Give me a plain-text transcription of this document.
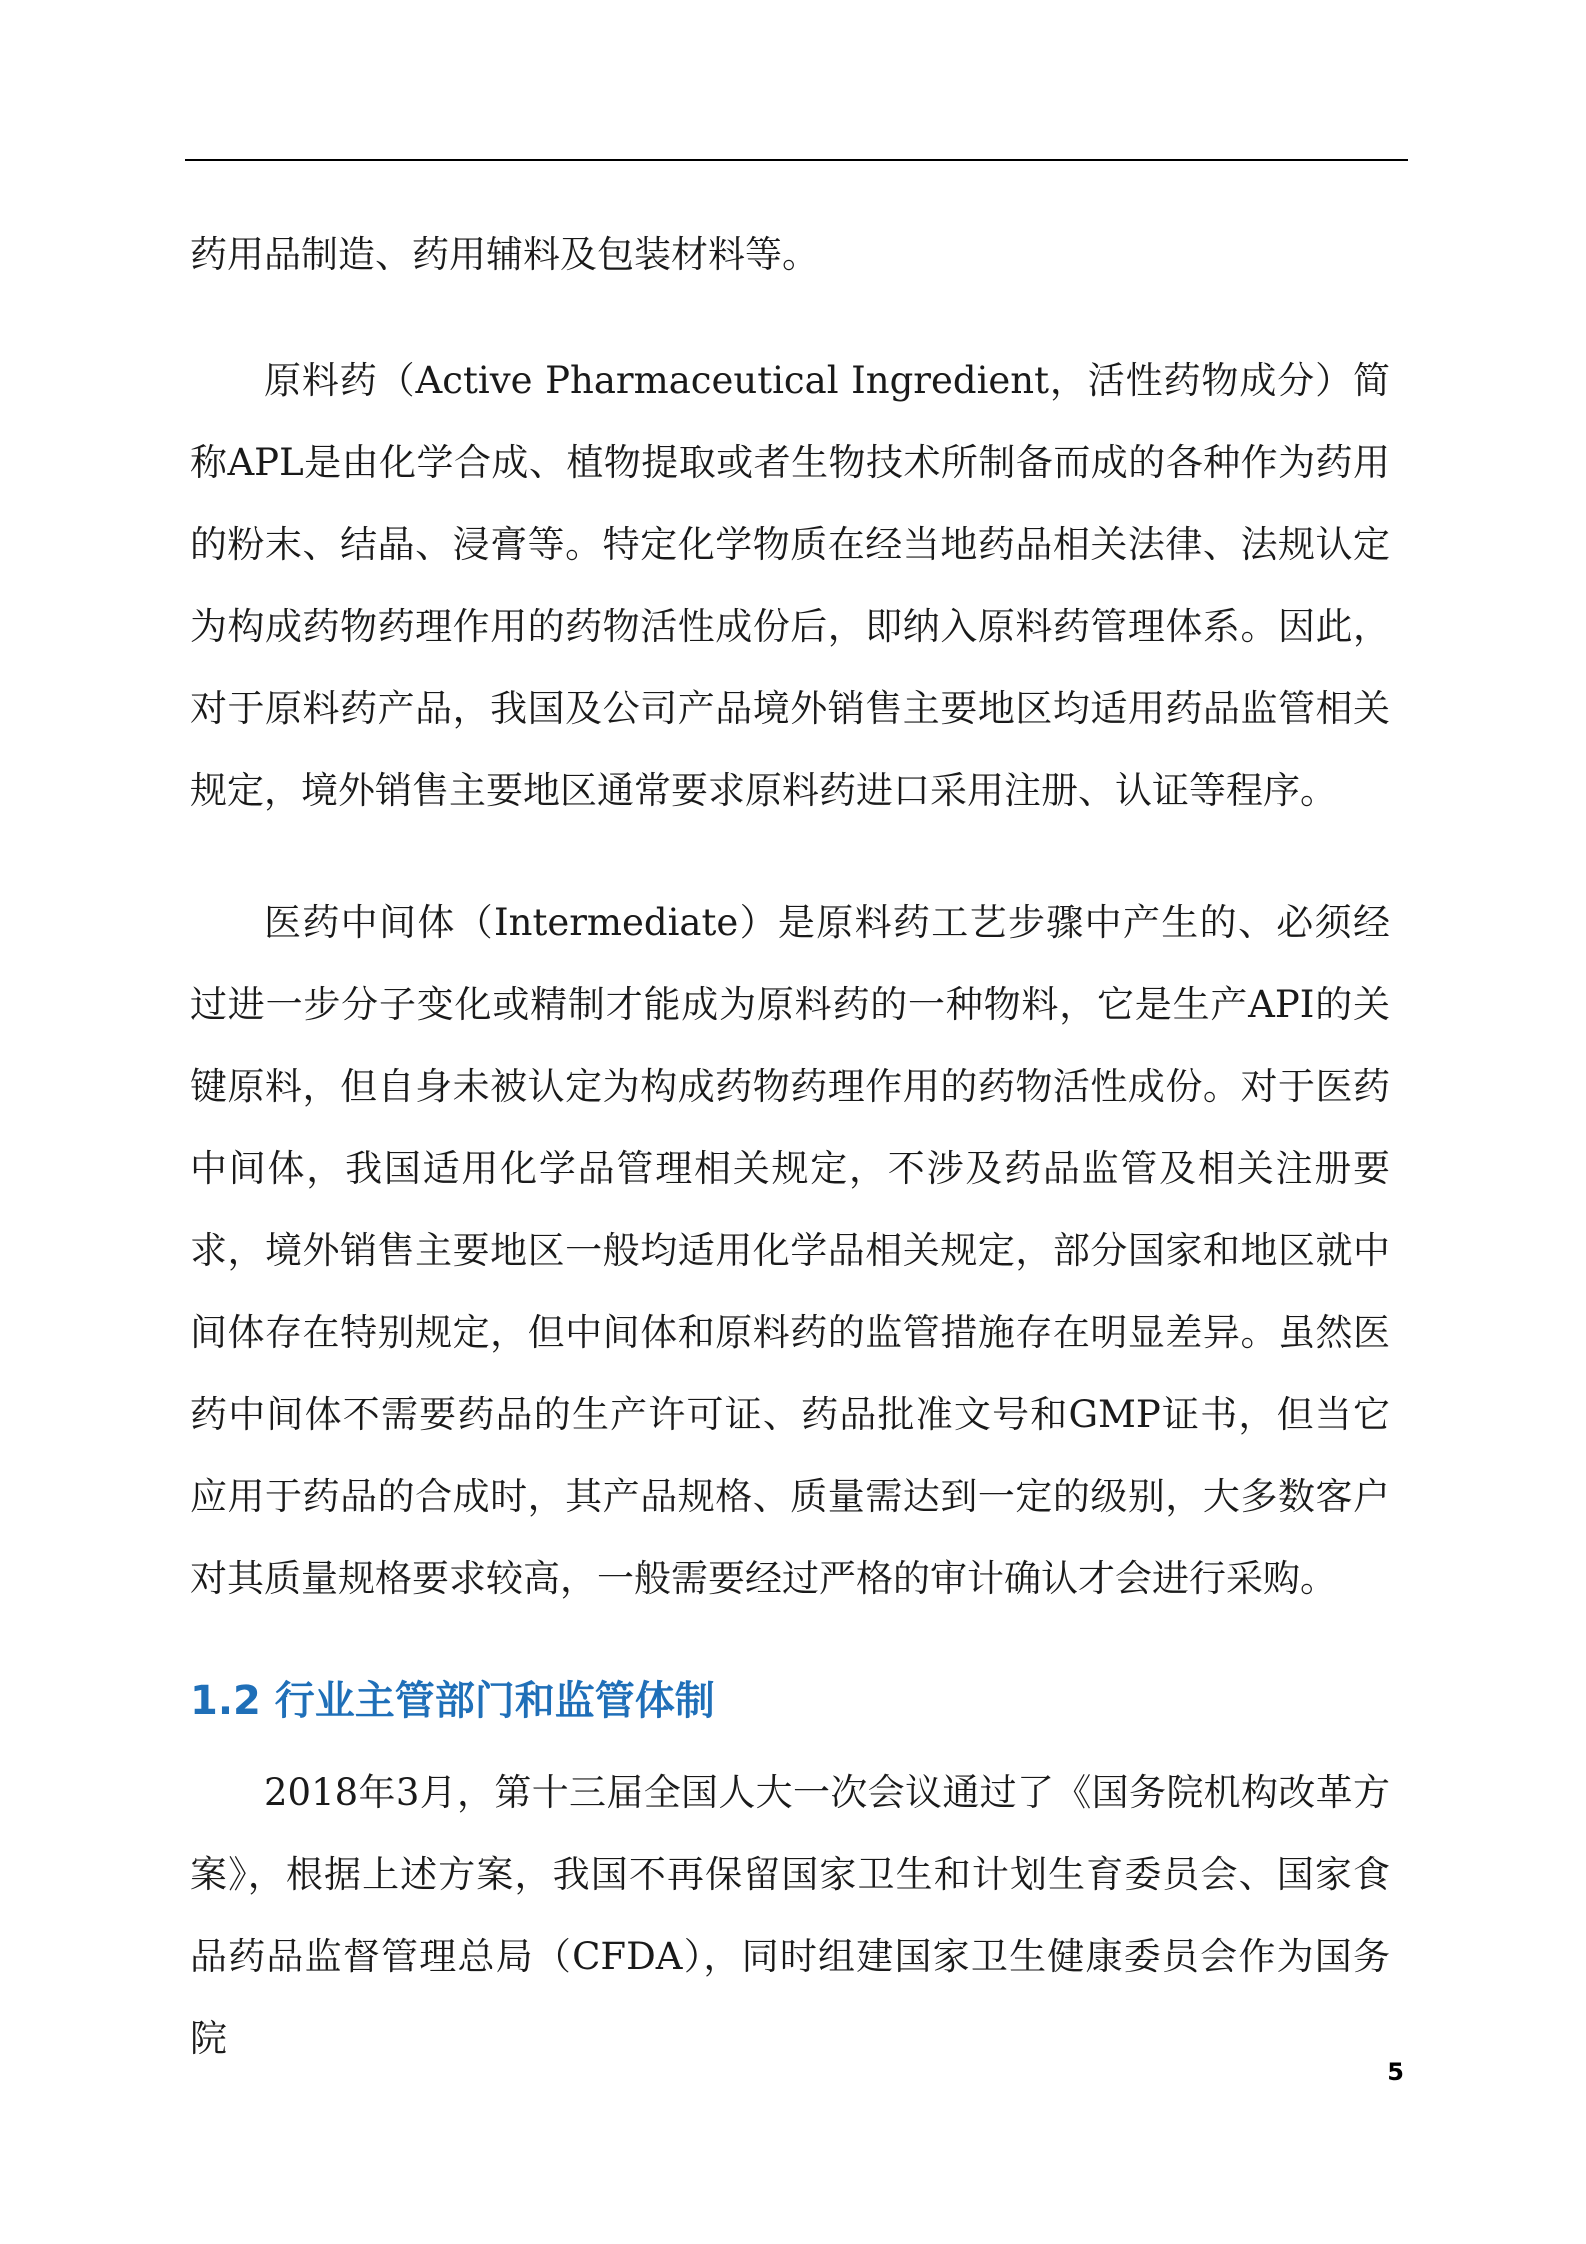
药用品制造、药用辅料及包装材料等。

原料药（Active Pharmaceutical Ingredient，活性药物成分）简称APL是由化学合成、植物提取或者生物技术所制备而成的各种作为药用的粉末、结晶、浸膏等。特定化学物质在经当地药品相关法律、法规认定为构成药物药理作用的药物活性成份后，即纳入原料药管理体系。因此，对于原料药产品，我国及公司产品境外销售主要地区均适用药品监管相关规定，境外销售主要地区通常要求原料药进口采用注册、认证等程序。

医药中间体（Intermediate）是原料药工艺步骤中产生的、必须经过进一步分子变化或精制才能成为原料药的一种物料，它是生产API的关键原料，但自身未被认定为构成药物药理作用的药物活性成份。对于医药中间体，我国适用化学品管理相关规定，不涉及药品监管及相关注册要求，境外销售主要地区一般均适用化学品相关规定，部分国家和地区就中间体存在特别规定，但中间体和原料药的监管措施存在明显差异。虽然医药中间体不需要药品的生产许可证、药品批准文号和GMP证书，但当它应用于药品的合成时，其产品规格、质量需达到一定的级别，大多数客户对其质量规格要求较高，一般需要经过严格的审计确认才会进行采购。

1.2 行业主管部门和监管体制

2018年3月，第十三届全国人大一次会议通过了《国务院机构改革方案》，根据上述方案，我国不再保留国家卫生和计划生育委员会、国家食品药品监督管理总局（CFDA），同时组建国家卫生健康委员会作为国务院

5
